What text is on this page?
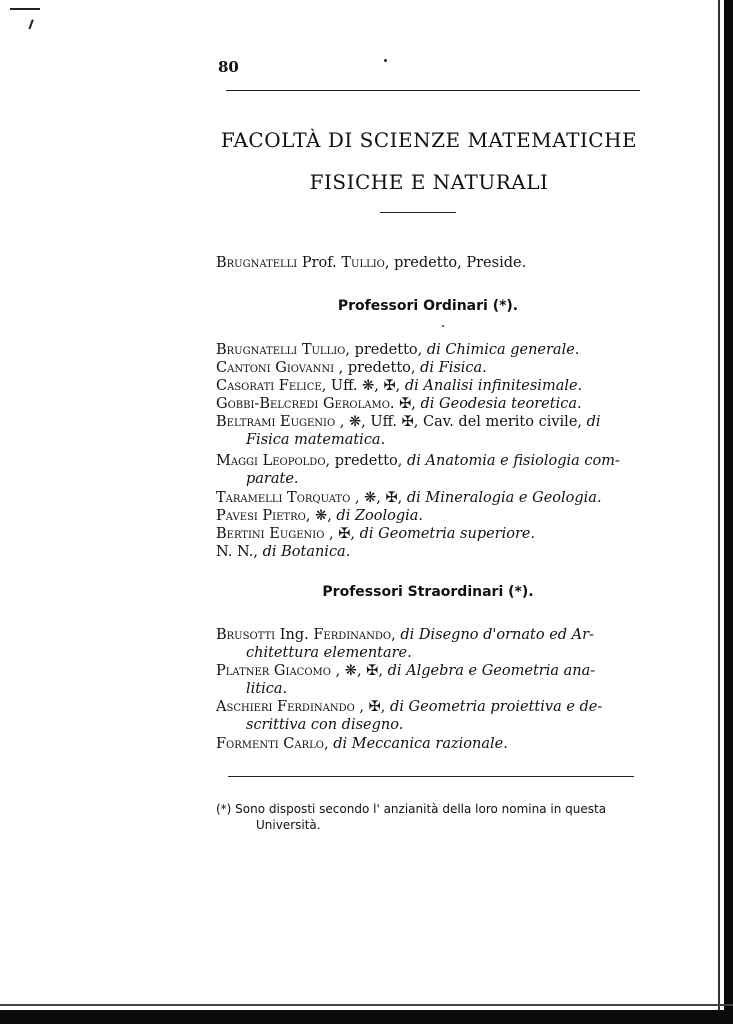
80
FACOLTÀ DI SCIENZE MATEMATICHE
FISICHE E NATURALI
Brugnatelli Prof. Tullio, predetto, Preside.
Professori Ordinari (*).
Brugnatelli Tullio, predetto, di Chimica generale.
Cantoni Giovanni , predetto, di Fisica.
Casorati Felice, Uff. ❋, ✠, di Analisi infinitesimale.
Gobbi-Belcredi Gerolamo. ✠, di Geodesia teoretica.
Beltrami Eugenio , ❋, Uff. ✠, Cav. del merito civile, di
Fisica matematica.
Maggi Leopoldo, predetto, di Anatomia e fisiologia com-
parate.
Taramelli Torquato , ❋, ✠, di Mineralogia e Geologia.
Pavesi Pietro, ❋, di Zoologia.
Bertini Eugenio , ✠, di Geometria superiore.
N. N., di Botanica.
Professori Straordinari (*).
Brusotti Ing. Ferdinando, di Disegno d'ornato ed Ar-
chitettura elementare.
Platner Giacomo , ❋, ✠, di Algebra e Geometria ana-
litica.
Aschieri Ferdinando , ✠, di Geometria proiettiva e de-
scrittiva con disegno.
Formenti Carlo, di Meccanica razionale.
(*) Sono disposti secondo l' anzianità della loro nomina in questa
Università.
